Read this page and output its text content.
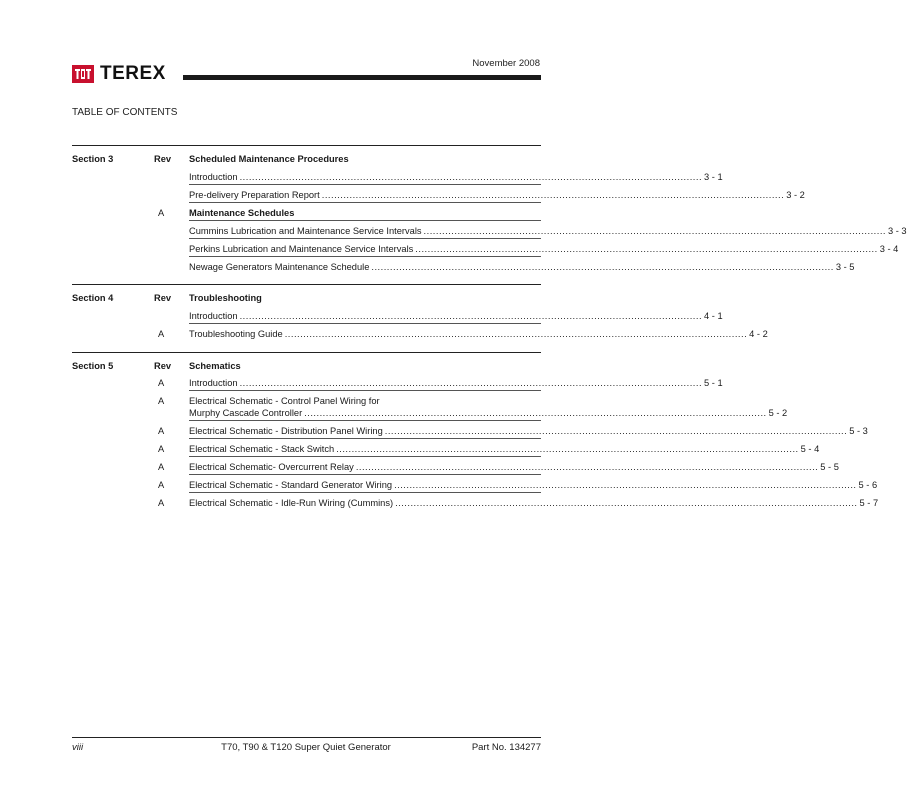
TEREX	November 2008
TABLE OF CONTENTS
Section 3	Rev Scheduled Maintenance Procedures
Introduction ...................................................................................................................................................... 3 - 1
Pre-delivery Preparation Report ...................................................................................................................................................... 3 - 2
A	Maintenance Schedules
Cummins Lubrication and Maintenance Service Intervals ...................................................................................................................................................... 3 - 3
Perkins Lubrication and Maintenance Service Intervals ...................................................................................................................................................... 3 - 4
Newage Generators Maintenance Schedule ...................................................................................................................................................... 3 - 5
Section 4	Rev Troubleshooting
Introduction ...................................................................................................................................................... 4 - 1
A	Troubleshooting Guide ...................................................................................................................................................... 4 - 2
Section 5	Rev Schematics
A	Introduction ...................................................................................................................................................... 5 - 1
A	Electrical Schematic - Control Panel Wiring for
Murphy Cascade Controller ...................................................................................................................................................... 5 - 2
A	Electrical Schematic - Distribution Panel Wiring ...................................................................................................................................................... 5 - 3
A	Electrical Schematic - Stack Switch ...................................................................................................................................................... 5 - 4
A	Electrical Schematic- Overcurrent Relay ...................................................................................................................................................... 5 - 5
A	Electrical Schematic - Standard Generator Wiring ...................................................................................................................................................... 5 - 6
A	Electrical Schematic - Idle-Run Wiring (Cummins) ...................................................................................................................................................... 5 - 7
viii	T70, T90 & T120 Super Quiet Generator	Part No. 134277
